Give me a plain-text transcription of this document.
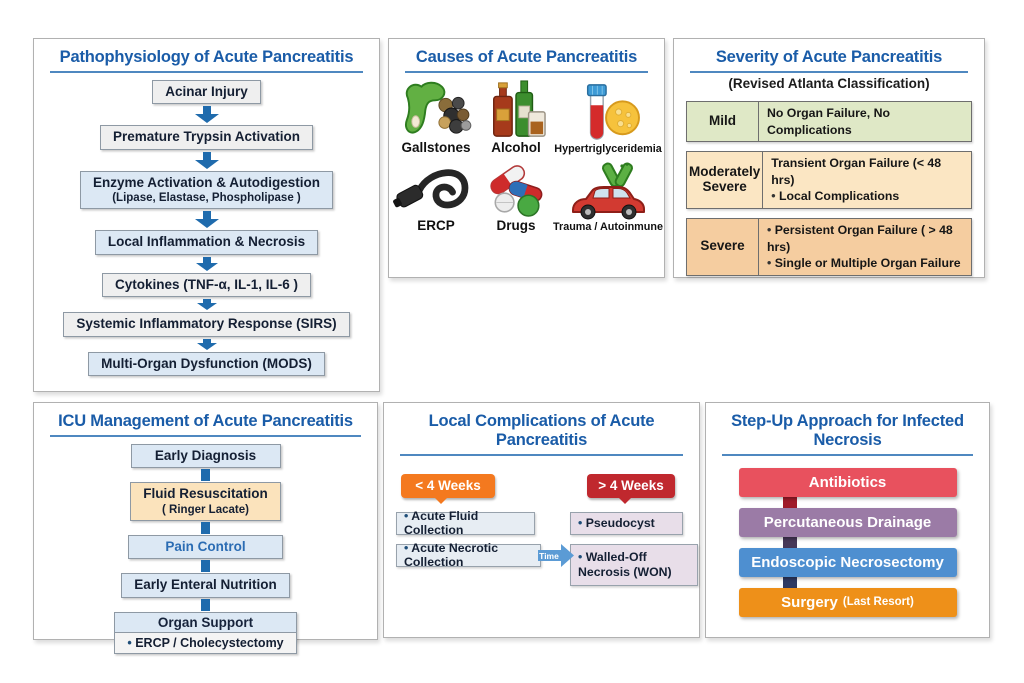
Pathophysiology of Acute Pancreatitis
Acinar Injury
Premature Trypsin Activation
Enzyme Activation & Autodigestion
(Lipase, Elastase, Phospholipase )
Local Inflammation & Necrosis
Cytokines (TNF-α, IL-1, IL-6 )
Systemic Inflammatory Response (SIRS)
Multi-Organ Dysfunction (MODS)
Causes of Acute Pancreatitis
Gallstones Alcohol Hypertriglyceridemia
ERCP	Drugs Trauma / Autoinmune
Severity of Acute Pancreatitis
(Revised Atlanta Classification)
Mild
No Organ Failure, No Complications
Moderately Severe
Transient Organ Failure (< 48 hrs)
• Local Complications
Severe
• Persistent Organ Failure ( > 48 hrs)
• Single or Multiple Organ Failure
ICU Management of Acute Pancreatitis
Early Diagnosis
Fluid Resuscitation
( Ringer Lacate)
Pain Control
Early Enteral Nutrition
Organ Support
• ERCP / Cholecystectomy
Local Complications of Acute Pancreatitis
< 4 Weeks	> 4 Weeks
• Acute Fluid Collection
• Acute Necrotic Collection
• Pseudocyst
• Walled-Off Necrosis (WON)
Time
Step-Up Approach for Infected Necrosis
Antibiotics
Percutaneous Drainage
Endoscopic Necrosectomy
Surgery (Last Resort)
